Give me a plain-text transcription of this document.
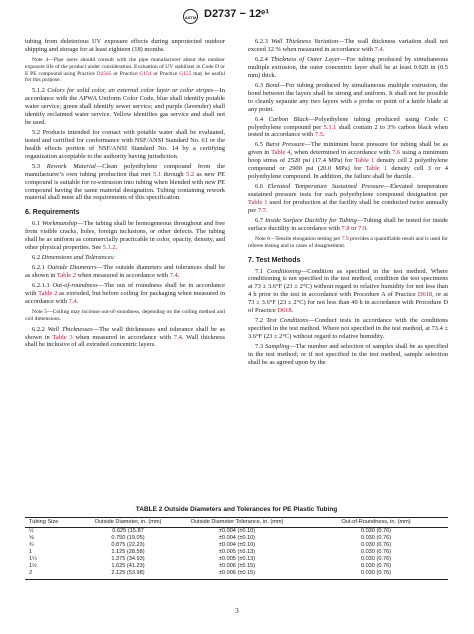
ASTM D2737 − 12ᵉ¹

tubing from deleterious UV exposure effects during unprotected outdoor shipping and storage for at least eighteen (18) months.

Note 4—Pipe users should consult with the pipe manufacturer about the outdoor exposure life of the product under consideration. Evaluation of UV stabilizer in Code D or E PE compound using Practice D2565 or Practice G154 or Practice G155 may be useful for this purpose.

5.1.2 Colors for solid color, an external color layer or color stripes—In accordance with the APWA Uniform Color Code, blue shall identify potable water service; green shall identify sewer service; and purple (lavender) shall identify reclaimed water service. Yellow identifies gas service and shall not be used.

5.2 Products intended for contact with potable water shall be evaluated, tested and certified for conformance with NSF/ANSI Standard No. 61 or the health effects portion of NSF/ANSI Standard No. 14 by a certifying organization acceptable to the authority having jurisdiction.

5.3 Rework Material—Clean polyethylene compound from the manufacturer’s own tubing production that met 5.1 through 5.2 as new PE compound is suitable for re-extrusion into tubing when blended with new PE compound having the same material designation. Tubing containing rework material shall meet all the requirements of this specification.

6. Requirements

6.1 Workmanship—The tubing shall be homogeneous throughout and free from visible cracks, holes, foreign inclusions, or other defects. The tubing shall be as uniform as commercially practicable in color, opacity, density, and other physical properties. See 5.1.2.

6.2 Dimensions and Tolerances:

6.2.1 Outside Diameters—The outside diameters and tolerances shall be as shown in Table 2 when measured in accordance with 7.4.

6.2.1.1 Out-of-roundness—The out of roundness shall be in accordance with Table 2 as extruded, but before coiling for packaging when measured in accordance with 7.4.

Note 5—Coiling may increase out-of-roundness, depending on the coiling method and coil dimensions.

6.2.2 Wall Thicknesses—The wall thicknesses and tolerance shall be as shown in Table 3 when measured in accordance with 7.4. Wall thickness shall be inclusive of all extruded concentric layers.

6.2.3 Wall Thickness Variation—The wall thickness variation shall not exceed 12 % when measured in accordance with 7.4.

6.2.4 Thickness of Outer Layer—For tubing produced by simultaneous multiple extrusion, the outer concentric layer shall be at least 0.020 in (0.5 mm) thick.

6.3 Bond—For tubing produced by simultaneous multiple extrusion, the bond between the layers shall be strong and uniform. It shall not be possible to cleanly separate any two layers with a probe or point of a knife blade at any point.

6.4 Carbon Black—Polyethylene tubing produced using Code C polyethylene compound per 5.1.1 shall contain 2 to 3% carbon black when tested in accordance with 7.5.

6.5 Burst Pressure—The minimum burst pressure for tubing shall be as given in Table 4, when determined in accordance with 7.6 using a minimum hoop stress of 2520 psi (17.4 MPa) for Table 1 density cell 2 polyethylene compound or 2900 psi (20.0 MPa) for Table 1 density cell 3 or 4 polyethylene compound. In addition, the failure shall be ductile.

6.6 Elevated Temperature Sustained Pressure—Elevated temperature sustained pressure tests for each polyethylene compound designation per Table 1 used for production at the facility shall be conducted twice annually per 7.7.

6.7 Inside Surface Ductility for Tubing—Tubing shall be tested for inside surface ductility in accordance with 7.8 or 7.9.

Note 6—Tensile elongation testing per 7.9 provides a quantifiable result and is used for referee testing and in cases of disagreement.

7. Test Methods

7.1 Conditioning—Condition as specified in the test method. Where conditioning is not specified in the test method, condition the test specimens at 73 ± 3.6°F (23 ± 2°C) without regard to relative humidity for not less than 4 h prior to the test in accordance with Procedure A of Practice D618, or at 73 ± 3.6°F (23 ± 2°C) for not less than 40 h in accordance with Procedure D of Practice D618.

7.2 Test Conditions—Conduct tests in accordance with the conditions specified in the test method. Where not specified in the test method, at 73.4 ± 3.6°F (23 ± 2°C) without regard to relative humidity.

7.3 Sampling—The number and selection of samples shall be as specified in the test method; or if not specified in the test method, sample selection shall be as agreed upon by the

TABLE 2 Outside Diameters and Tolerances for PE Plastic Tubing
Tubing Size	Outside Diameter, in. (mm)	Outside Diameter Tolerance, in. (mm)	Out-of-Roundness, in. (mm)
½	0.625 (15.87	±0.004 (±0.10)	0.030 (0.76)
⅝	0.750 (19.05)	±0.004 (±0.10)	0.030 (0.76)
¾	0.875 (22.23)	±0.004 (±0.10)	0.030 (0.76)
1	1.125 (28.58)	±0.005 (±0.13)	0.030 (0.76)
1¼	1.375 (34.93)	±0.005 (±0.13)	0.030 (0.76)
1½	1.625 (41.23)	±0.006 (±0.15)	0.030 (0.76)
2	2.125 (53.98)	±0.006 (±0.15)	0.030 (0.76)
3
